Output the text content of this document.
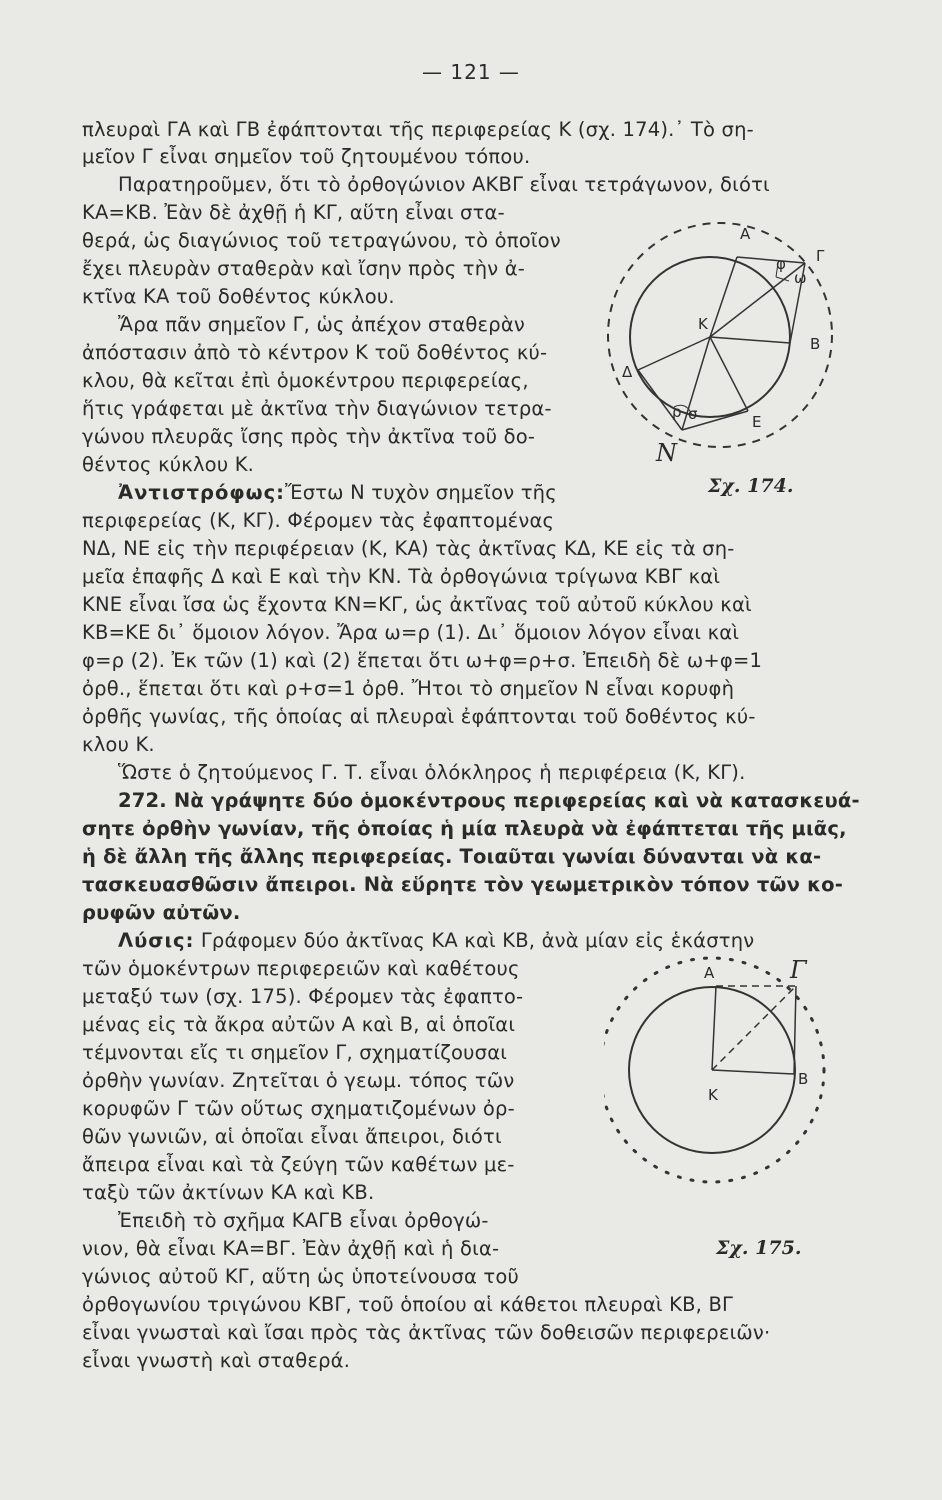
— 121 —
πλευραὶ ΓΑ καὶ ΓΒ ἐφάπτονται τῆς περιφερείας Κ (σχ. 174).᾿ Τὸ ση-
μεῖον Γ εἶναι σημεῖον τοῦ ζητουμένου τόπου.
Παρατηροῦμεν, ὅτι τὸ ὀρθογώνιον ΑΚΒΓ εἶναι τετράγωνον, διότι
ΚΑ=ΚΒ. Ἐὰν δὲ ἀχθῇ ἡ ΚΓ, αὕτη εἶναι στα-
θερά, ὡς διαγώνιος τοῦ τετραγώνου, τὸ ὁποῖον
ἔχει πλευρὰν σταθερὰν καὶ ἴσην πρὸς τὴν ἀ-
κτῖνα ΚΑ τοῦ δοθέντος κύκλου.
Ἄρα πᾶν σημεῖον Γ, ὡς ἀπέχον σταθερὰν
ἀπόστασιν ἀπὸ τὸ κέντρον Κ τοῦ δοθέντος κύ-
κλου, θὰ κεῖται ἐπὶ ὁμοκέντρου περιφερείας,
ἥτις γράφεται μὲ ἀκτῖνα τὴν διαγώνιον τετρα-
γώνου πλευρᾶς ἴσης πρὸς τὴν ἀκτῖνα τοῦ δο-
θέντος κύκλου Κ.
Ἀντιστρόφως:Ἔστω Ν τυχὸν σημεῖον τῆς
περιφερείας (Κ, ΚΓ). Φέρομεν τὰς ἐφαπτομένας
ΝΔ, ΝΕ εἰς τὴν περιφέρειαν (Κ, ΚΑ) τὰς ἀκτῖνας ΚΔ, ΚΕ εἰς τὰ ση-
μεῖα ἐπαφῆς Δ καὶ Ε καὶ τὴν ΚΝ. Τὰ ὀρθογώνια τρίγωνα ΚΒΓ καὶ
ΚΝΕ εἶναι ἴσα ὡς ἔχοντα ΚΝ=ΚΓ, ὡς ἀκτῖνας τοῦ αὐτοῦ κύκλου καὶ
ΚΒ=ΚΕ δι᾿ ὅμοιον λόγον. Ἄρα ω=ρ (1). Δι᾿ ὅμοιον λόγον εἶναι καὶ
φ=ρ (2). Ἐκ τῶν (1) καὶ (2) ἕπεται ὅτι ω+φ=ρ+σ. Ἐπειδὴ δὲ ω+φ=1
ὀρθ., ἕπεται ὅτι καὶ ρ+σ=1 ὀρθ. Ἤτοι τὸ σημεῖον Ν εἶναι κορυφὴ
ὀρθῆς γωνίας, τῆς ὁποίας αἱ πλευραὶ ἐφάπτονται τοῦ δοθέντος κύ-
κλου Κ.
Ὥστε ὁ ζητούμενος Γ. Τ. εἶναι ὁλόκληρος ἡ περιφέρεια (Κ, ΚΓ).
272. Νὰ γράψητε δύο ὁμοκέντρους περιφερείας καὶ νὰ κατασκευά-
σητε ὀρθὴν γωνίαν, τῆς ὁποίας ἡ μία πλευρὰ νὰ ἐφάπτεται τῆς μιᾶς,
ἡ δὲ ἄλλη τῆς ἄλλης περιφερείας. Τοιαῦται γωνίαι δύνανται νὰ κα-
τασκευασθῶσιν ἄπειροι. Νὰ εὕρητε τὸν γεωμετρικὸν τόπον τῶν κο-
ρυφῶν αὐτῶν.
Λύσις: Γράφομεν δύο ἀκτῖνας ΚΑ καὶ ΚΒ, ἀνὰ μίαν εἰς ἑκάστην
τῶν ὁμοκέντρων περιφερειῶν καὶ καθέτους
μεταξύ των (σχ. 175). Φέρομεν τὰς ἐφαπτο-
μένας εἰς τὰ ἄκρα αὐτῶν Α καὶ Β, αἱ ὁποῖαι
τέμνονται εἴς τι σημεῖον Γ, σχηματίζουσαι
ὀρθὴν γωνίαν. Ζητεῖται ὁ γεωμ. τόπος τῶν
κορυφῶν Γ τῶν οὕτως σχηματιζομένων ὀρ-
θῶν γωνιῶν, αἱ ὁποῖαι εἶναι ἄπειροι, διότι
ἄπειρα εἶναι καὶ τὰ ζεύγη τῶν καθέτων με-
ταξὺ τῶν ἀκτίνων ΚΑ καὶ ΚΒ.
Ἐπειδὴ τὸ σχῆμα ΚΑΓΒ εἶναι ὀρθογώ-
νιον, θὰ εἶναι ΚΑ=ΒΓ. Ἐὰν ἀχθῇ καὶ ἡ δια-
γώνιος αὐτοῦ ΚΓ, αὕτη ὡς ὑποτείνουσα τοῦ
ὀρθογωνίου τριγώνου ΚΒΓ, τοῦ ὁποίου αἱ κάθετοι πλευραὶ ΚΒ, ΒΓ
εἶναι γνωσταὶ καὶ ἴσαι πρὸς τὰς ἀκτῖνας τῶν δοθεισῶν περιφερειῶν·
εἶναι γνωστὴ καὶ σταθερά.
Α
Γ
φ
ω
Κ
Β
Δ
ρ σ	Ε
N
Σχ. 174.
Α	Γ
Κ
Β
Σχ. 175.
